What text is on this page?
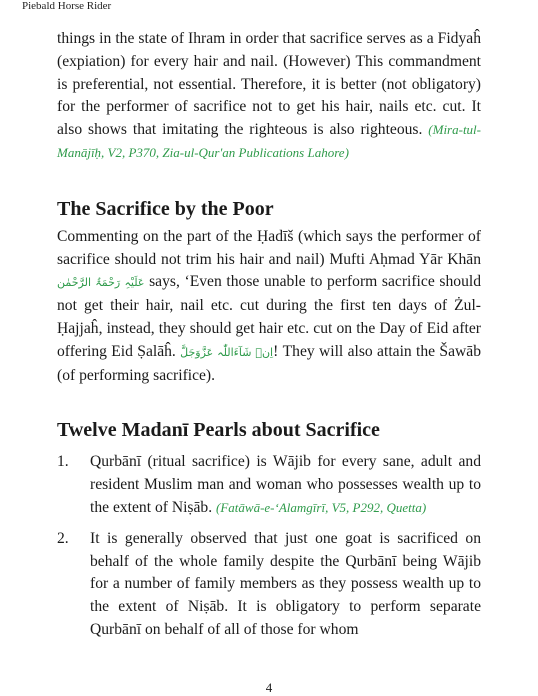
Piebald Horse Rider

things in the state of Ihram in order that sacrifice serves as a Fidyaĥ (expiation) for every hair and nail. (However) This commandment is preferential, not essential. Therefore, it is better (not obligatory) for the performer of sacrifice not to get his hair, nails etc. cut. It also shows that imitating the righteous is also righteous. (Mira-tul-Manājīḥ, V2, P370, Zia-ul-Qur'an Publications Lahore)

The Sacrifice by the Poor

Commenting on the part of the Ḥadīš (which says the performer of sacrifice should not trim his hair and nail) Mufti Aḥmad Yār Khān عَلَیْہِ رَحْمَۃُ الرَّحْمٰن says, ‘Even those unable to perform sacrifice should not get their hair, nail etc. cut during the first ten days of Żul-Ḥajjaĥ, instead, they should get hair etc. cut on the Day of Eid after offering Eid Ṣalāĥ. اِنۡ شَآءَاللّٰہ عَزَّوَجَلَّ! They will also attain the Šawāb (of performing sacrifice).

Twelve Madanī Pearls about Sacrifice
1. Qurbānī (ritual sacrifice) is Wājib for every sane, adult and resident Muslim man and woman who possesses wealth up to the extent of Niṣāb. (Fatāwā-e-‘Alamgīrī, V5, P292, Quetta)
2. It is generally observed that just one goat is sacrificed on behalf of the whole family despite the Qurbānī being Wājib for a number of family members as they possess wealth up to the extent of Niṣāb. It is obligatory to perform separate Qurbānī on behalf of all of those for whom
4
